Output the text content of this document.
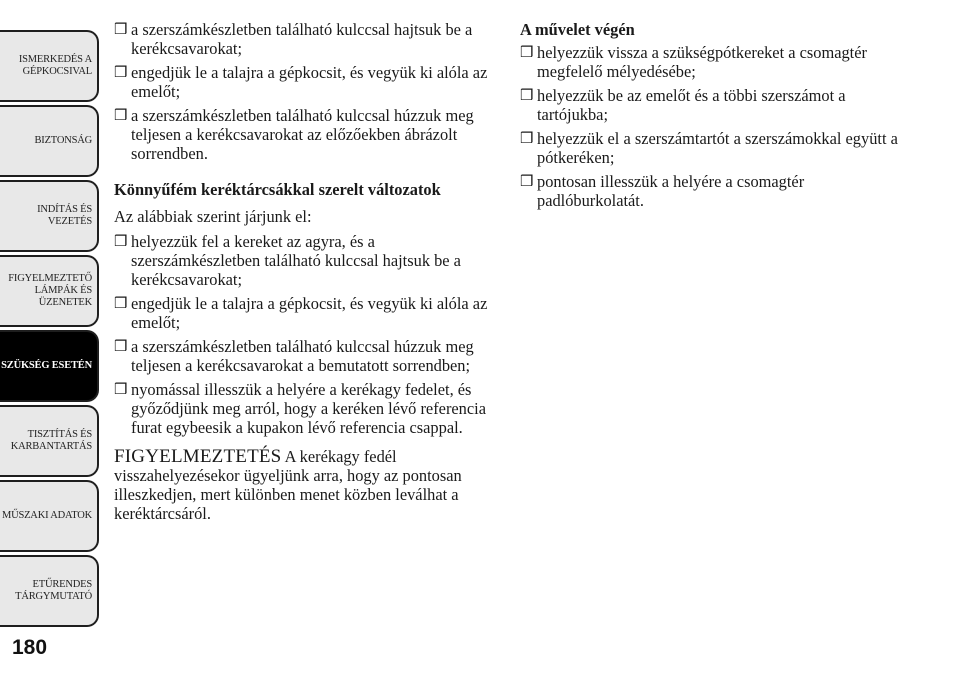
ISMERKEDÉS A
GÉPKOCSIVAL
BIZTONSÁG
INDÍTÁS ÉS
VEZETÉS
FIGYELMEZTETŐ
LÁMPÁK ÉS
ÜZENETEK
SZÜKSÉG ESETÉN
TISZTÍTÁS ÉS
KARBANTARTÁS
MŰSZAKI ADATOK
ETŰRENDES
TÁRGYMUTATÓ
180
❒ a szerszámkészletben található kulccsal hajtsuk be a kerékcsavarokat;
❒ engedjük le a talajra a gépkocsit, és vegyük ki alóla az emelőt;
❒ a szerszámkészletben található kulccsal húzzuk meg teljesen a kerékcsavarokat az előzőekben ábrázolt sorrendben.
Könnyűfém keréktárcsákkal szerelt változatok
Az alábbiak szerint járjunk el:
❒ helyezzük fel a kereket az agyra, és a szerszámkészletben található kulccsal hajtsuk be a kerékcsavarokat;
❒ engedjük le a talajra a gépkocsit, és vegyük ki alóla az emelőt;
❒ a szerszámkészletben található kulccsal húzzuk meg teljesen a kerékcsavarokat a bemutatott sorrendben;
❒ nyomással illesszük a helyére a kerékagy fedelet, és győződjünk meg arról, hogy a keréken lévő referencia furat egybeesik a kupakon lévő referencia csappal.
FIGYELMEZTETÉS A kerékagy fedél visszahelyezésekor ügyeljünk arra, hogy az pontosan illeszkedjen, mert különben menet közben leválhat a keréktárcsáról.
A művelet végén
❒ helyezzük vissza a szükségpótkereket a csomagtér megfelelő mélyedésébe;
❒ helyezzük be az emelőt és a többi szerszámot a tartójukba;
❒ helyezzük el a szerszámtartót a szerszámokkal együtt a pótkeréken;
❒ pontosan illesszük a helyére a csomagtér padlóburkolatát.
